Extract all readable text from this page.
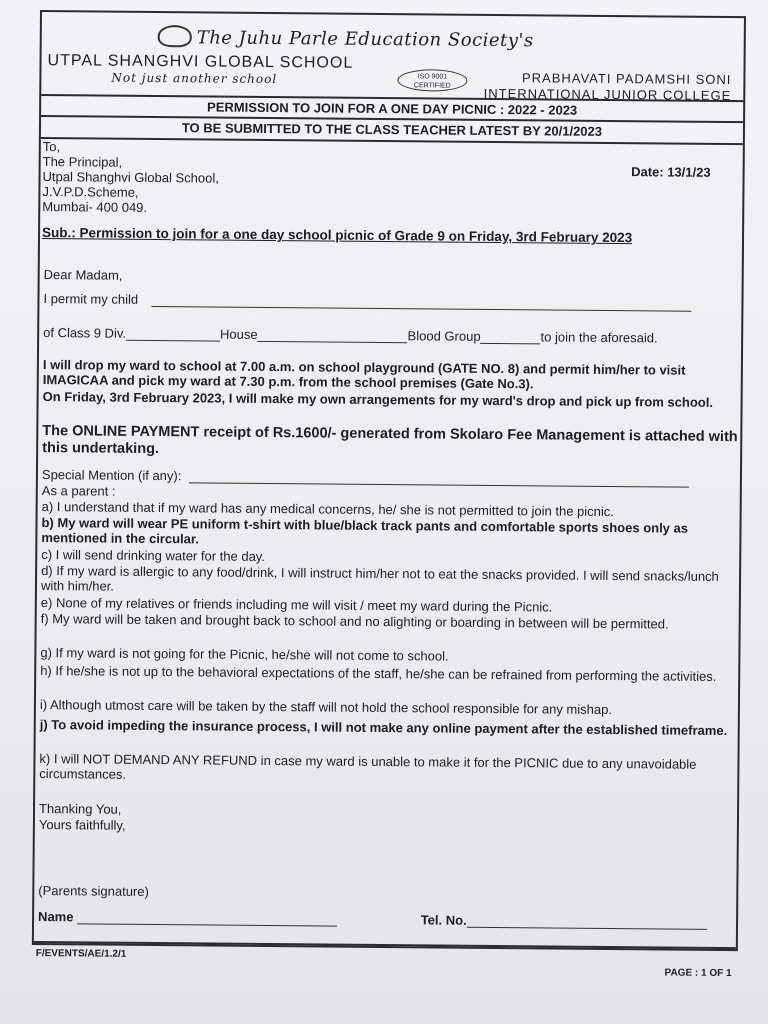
The Juhu Parle Education Society's
UTPAL SHANGHVI GLOBAL SCHOOL
Not just another school	ISO 9001
CERTIFIED	PRABHAVATI PADAMSHI SONI
INTERNATIONAL JUNIOR COLLEGE
PERMISSION TO JOIN FOR A ONE DAY PICNIC : 2022 - 2023
TO BE SUBMITTED TO THE CLASS TEACHER LATEST BY 20/1/2023
To,
The Principal,
Utpal Shanghvi Global School,
J.V.P.D.Scheme,
Mumbai- 400 049.
Date: 13/1/23
Sub.: Permission to join for a one day school picnic of Grade 9 on Friday, 3rd February 2023
Dear Madam,
I permit my child
of Class 9 Div.	House	Blood Group	to join the aforesaid.
I will drop my ward to school at 7.00 a.m. on school playground (GATE NO. 8) and permit him/her to visit IMAGICAA and pick my ward at 7.30 p.m. from the school premises (Gate No.3).
On Friday, 3rd February 2023, I will make my own arrangements for my ward's drop and pick up from school.
The ONLINE PAYMENT receipt of Rs.1600/- generated from Skolaro Fee Management is attached with this undertaking.
Special Mention (if any):
As a parent :
a) I understand that if my ward has any medical concerns, he/ she is not permitted to join the picnic.
b) My ward will wear PE uniform t-shirt with blue/black track pants and comfortable sports shoes only as mentioned in the circular.
c) I will send drinking water for the day.
d) If my ward is allergic to any food/drink, I will instruct him/her not to eat the snacks provided. I will send snacks/lunch with him/her.
e) None of my relatives or friends including me will visit / meet my ward during the Picnic.
f) My ward will be taken and brought back to school and no alighting or boarding in between will be permitted.
g) If my ward is not going for the Picnic, he/she will not come to school.
h) If he/she is not up to the behavioral expectations of the staff, he/she can be refrained from performing the activities.
i) Although utmost care will be taken by the staff will not hold the school responsible for any mishap.
j) To avoid impeding the insurance process, I will not make any online payment after the established timeframe.
k) I will NOT DEMAND ANY REFUND in case my ward is unable to make it for the PICNIC due to any unavoidable circumstances.
Thanking You,
Yours faithfully,
(Parents signature)
Name	Tel. No.
F/EVENTS/AE/1.2/1
PAGE : 1 OF 1
